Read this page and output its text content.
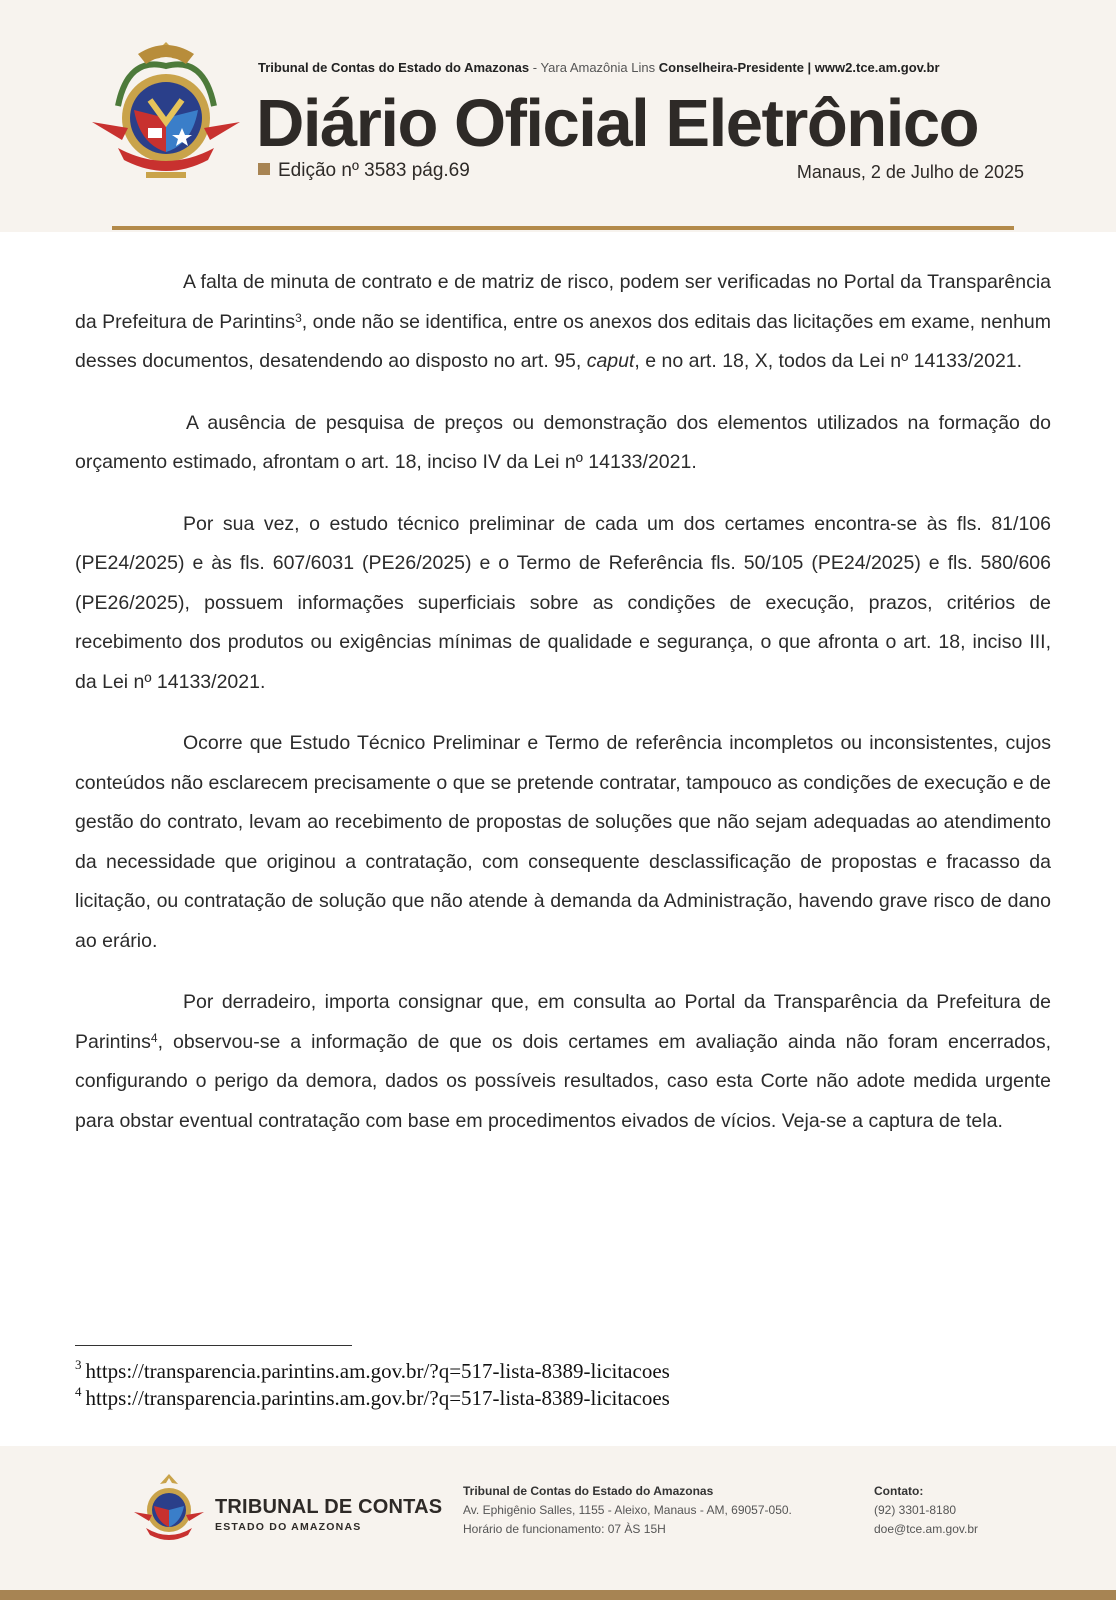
Tribunal de Contas do Estado do Amazonas - Yara Amazônia Lins Conselheira-Presidente | www2.tce.am.gov.br
Diário Oficial Eletrônico
Edição nº 3583 pág.69	Manaus, 2 de Julho de 2025

A falta de minuta de contrato e de matriz de risco, podem ser verificadas no Portal da Transparência da Prefeitura de Parintins$^3$, onde não se identifica, entre os anexos dos editais das licitações em exame, nenhum desses documentos, desatendendo ao disposto no art. 95, caput, e no art. 18, X, todos da Lei nº 14133/2021.

A ausência de pesquisa de preços ou demonstração dos elementos utilizados na formação do orçamento estimado, afrontam o art. 18, inciso IV da Lei nº 14133/2021.

Por sua vez, o estudo técnico preliminar de cada um dos certames encontra-se às fls. 81/106 (PE24/2025) e às fls. 607/6031 (PE26/2025) e o Termo de Referência fls. 50/105 (PE24/2025) e fls. 580/606 (PE26/2025), possuem informações superficiais sobre as condições de execução, prazos, critérios de recebimento dos produtos ou exigências mínimas de qualidade e segurança, o que afronta o art. 18, inciso III, da Lei nº 14133/2021.

Ocorre que Estudo Técnico Preliminar e Termo de referência incompletos ou inconsistentes, cujos conteúdos não esclarecem precisamente o que se pretende contratar, tampouco as condições de execução e de gestão do contrato, levam ao recebimento de propostas de soluções que não sejam adequadas ao atendimento da necessidade que originou a contratação, com consequente desclassificação de propostas e fracasso da licitação, ou contratação de solução que não atende à demanda da Administração, havendo grave risco de dano ao erário.

Por derradeiro, importa consignar que, em consulta ao Portal da Transparência da Prefeitura de Parintins$^4$, observou-se a informação de que os dois certames em avaliação ainda não foram encerrados, configurando o perigo da demora, dados os possíveis resultados, caso esta Corte não adote medida urgente para obstar eventual contratação com base em procedimentos eivados de vícios. Veja-se a captura de tela.

$^3$ https://transparencia.parintins.am.gov.br/?q=517-lista-8389-licitacoes
$^4$ https://transparencia.parintins.am.gov.br/?q=517-lista-8389-licitacoes
TRIBUNAL DE CONTAS
ESTADO DO AMAZONAS
Tribunal de Contas do Estado do Amazonas
Av. Ephigênio Salles, 1155 - Aleixo, Manaus - AM, 69057-050.
Horário de funcionamento: 07 ÀS 15H
Contato:
(92) 3301-8180
doe@tce.am.gov.br
